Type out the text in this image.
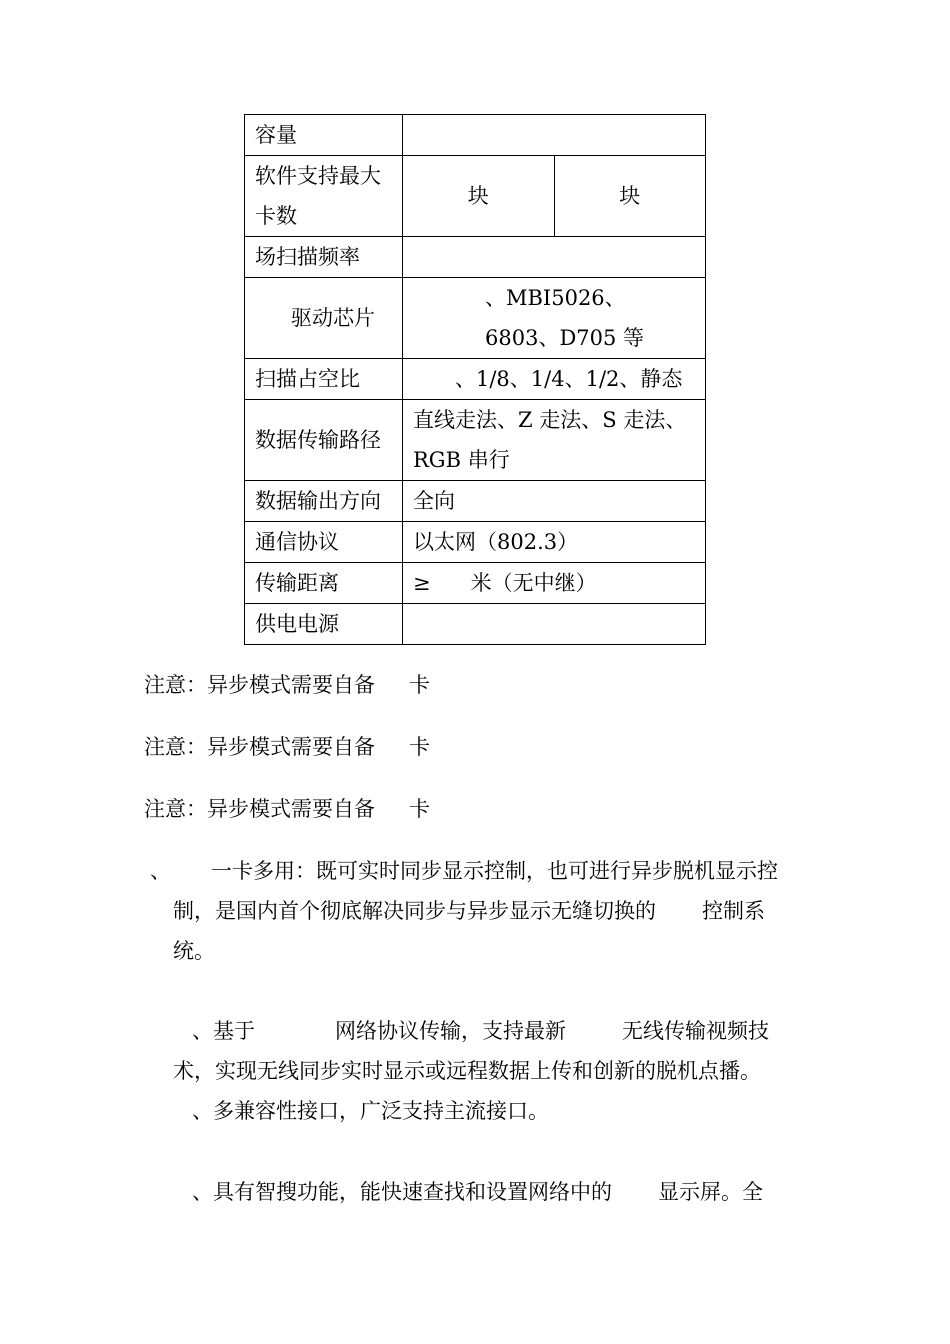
容量		
软件支持最大卡数	块	块
场扫描频率		
驱动芯片	、MBI5026、6803、D705 等	

扫描占空比	、1/8、1/4、1/2、静态	
数据传输路径	直线走法、Z 走法、S 走法、RGB 串行	
数据输出方向	全向	
通信协议	以太网（802.3）	
传输距离	≥ 米（无中继）	
供电电源		
注意：异步模式需要自备 卡
注意：异步模式需要自备 卡
注意：异步模式需要自备 卡
、 一卡多用：既可实时同步显示控制，也可进行异步脱机显示控
制，是国内首个彻底解决同步与异步显示无缝切换的 控制系
统。
、基于	网络协议传输，支持最新	无线传输视频技
术，实现无线同步实时显示或远程数据上传和创新的脱机点播。
、多兼容性接口，广泛支持主流接口。
、具有智搜功能，能快速查找和设置网络中的 显示屏。全
